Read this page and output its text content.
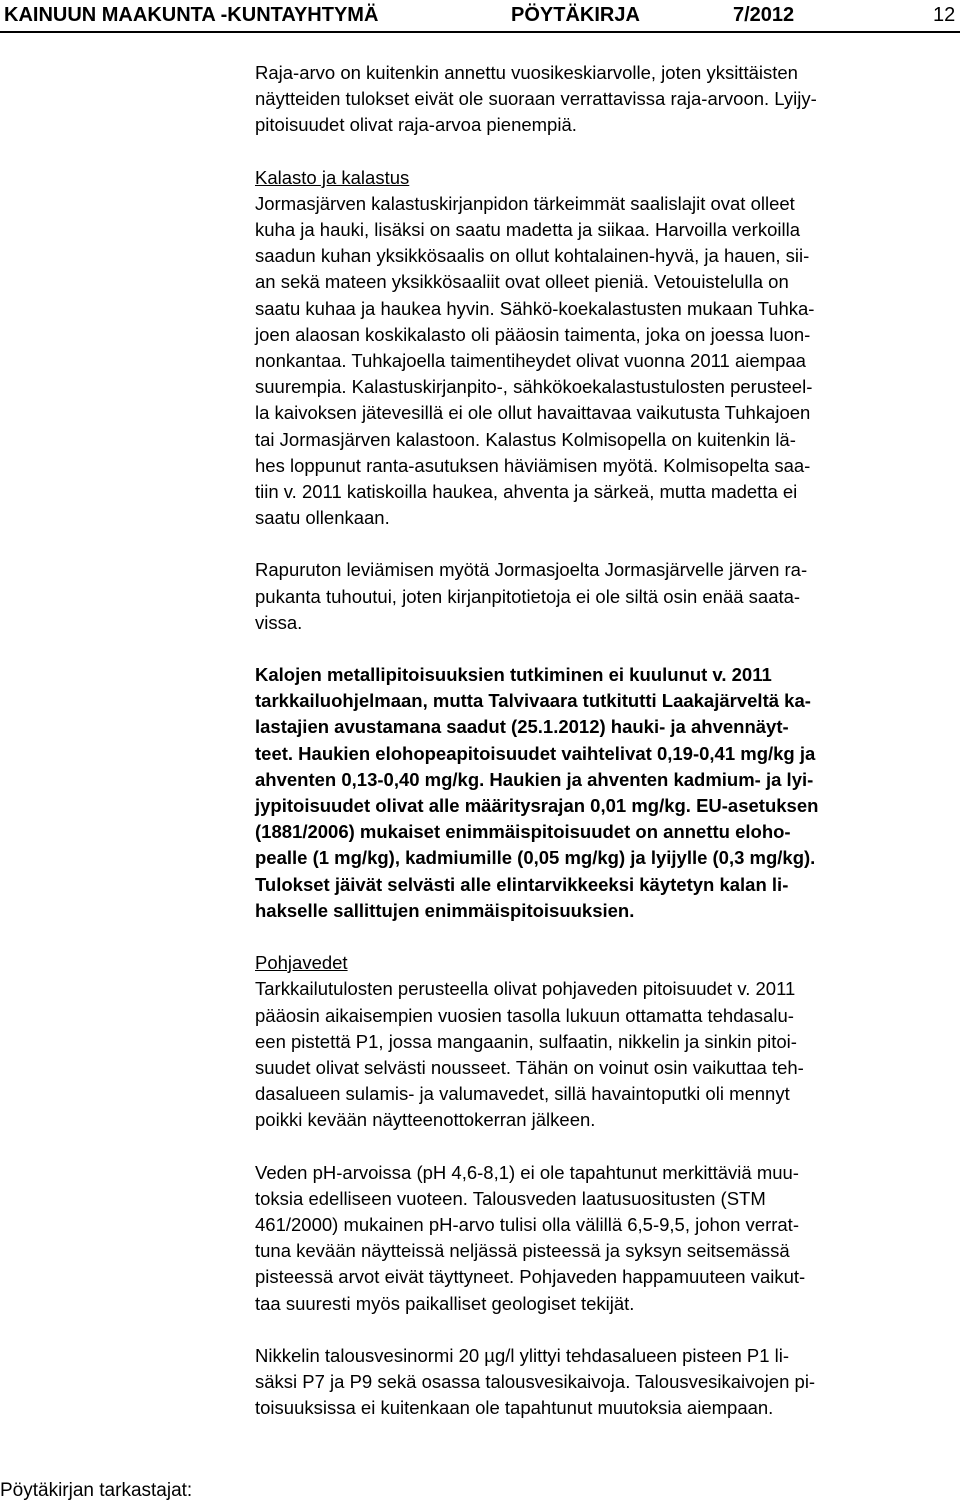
KAINUUN MAAKUNTA -KUNTAYHTYMÄ	PÖYTÄKIRJA	7/2012	12

Raja-arvo on kuitenkin annettu vuosikeskiarvolle, joten yksittäisten
näytteiden tulokset eivät ole suoraan verrattavissa raja-arvoon. Lyijy-
pitoisuudet olivat raja-arvoa pienempiä.

Kalasto ja kalastus
Jormasjärven kalastuskirjanpidon tärkeimmät saalislajit ovat olleet
kuha ja hauki, lisäksi on saatu madetta ja siikaa. Harvoilla verkoilla
saadun kuhan yksikkösaalis on ollut kohtalainen-hyvä, ja hauen, sii-
an sekä mateen yksikkösaaliit ovat olleet pieniä. Vetouistelulla on
saatu kuhaa ja haukea hyvin. Sähkö-koekalastusten mukaan Tuhka-
joen alaosan koskikalasto oli pääosin taimenta, joka on joessa luon-
nonkantaa. Tuhkajoella taimentiheydet olivat vuonna 2011 aiempaa
suurempia. Kalastuskirjanpito-, sähkökoekalastustulosten perusteel-
la kaivoksen jätevesillä ei ole ollut havaittavaa vaikutusta Tuhkajoen
tai Jormasjärven kalastoon. Kalastus Kolmisopella on kuitenkin lä-
hes loppunut ranta-asutuksen häviämisen myötä. Kolmisopelta saa-
tiin v. 2011 katiskoilla haukea, ahventa ja särkeä, mutta madetta ei
saatu ollenkaan.

Rapuruton leviämisen myötä Jormasjoelta Jormasjärvelle järven ra-
pukanta tuhoutui, joten kirjanpitotietoja ei ole siltä osin enää saata-
vissa.

Kalojen metallipitoisuuksien tutkiminen ei kuulunut v. 2011
tarkkailuohjelmaan, mutta Talvivaara tutkitutti Laakajärveltä ka-
lastajien avustamana saadut (25.1.2012) hauki- ja ahvennäyt-
teet. Haukien elohopeapitoisuudet vaihtelivat 0,19-0,41 mg/kg ja
ahventen 0,13-0,40 mg/kg. Haukien ja ahventen kadmium- ja lyi-
jypitoisuudet olivat alle määritysrajan 0,01 mg/kg. EU-asetuksen
(1881/2006) mukaiset enimmäispitoisuudet on annettu eloho-
pealle (1 mg/kg), kadmiumille (0,05 mg/kg) ja lyijylle (0,3 mg/kg).
Tulokset jäivät selvästi alle elintarvikkeeksi käytetyn kalan li-
hakselle sallittujen enimmäispitoisuuksien.

Pohjavedet
Tarkkailutulosten perusteella olivat pohjaveden pitoisuudet v. 2011
pääosin aikaisempien vuosien tasolla lukuun ottamatta tehdasalu-
een pistettä P1, jossa mangaanin, sulfaatin, nikkelin ja sinkin pitoi-
suudet olivat selvästi nousseet. Tähän on voinut osin vaikuttaa teh-
dasalueen sulamis- ja valumavedet, sillä havaintoputki oli mennyt
poikki kevään näytteenottokerran jälkeen.

Veden pH-arvoissa (pH 4,6-8,1) ei ole tapahtunut merkittäviä muu-
toksia edelliseen vuoteen. Talousveden laatusuositusten (STM
461/2000) mukainen pH-arvo tulisi olla välillä 6,5-9,5, johon verrat-
tuna kevään näytteissä neljässä pisteessä ja syksyn seitsemässä
pisteessä arvot eivät täyttyneet. Pohjaveden happamuuteen vaikut-
taa suuresti myös paikalliset geologiset tekijät.

Nikkelin talousvesinormi 20 µg/l ylittyi tehdasalueen pisteen P1 li-
säksi P7 ja P9 sekä osassa talousvesikaivoja. Talousvesikaivojen pi-
toisuuksissa ei kuitenkaan ole tapahtunut muutoksia aiempaan.

Pöytäkirjan tarkastajat:
